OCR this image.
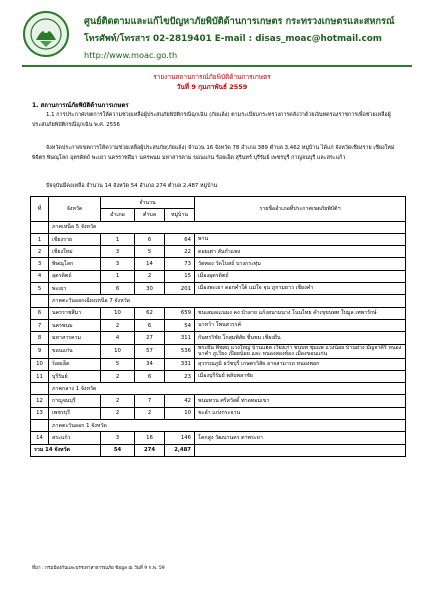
ศูนย์ติดตามและแก้ไขปัญหาภัยพิบัติด้านการเกษตร กระทรวงเกษตรและสหกรณ์
โทรศัพท์/โทรสาร 02-2819401 E-mail : disas_moac@hotmail.com
http://www.moac.go.th
รายงานสถานการณ์ภัยพิบัติด้านการเกษตร
วันที่ 9 กุมภาพันธ์ 2559
1. สถานการณ์ภัยพิบัติด้านการเกษตร
1.1 การประกาศเขตการให้ความช่วยเหลือผู้ประสบภัยพิบัติกรณีฉุกเฉิน (ภัยแล้ง) ตามระเบียบกระทรวงการคลังว่าด้วยเงินทดรองราชการเพื่อช่วยเหลือผู้ประสบภัยพิบัติกรณีฉุกเฉิน พ.ศ. 2556
จังหวัดประกาศเขตการให้ความช่วยเหลือผู้ประสบภัย(ภัยแล้ง) จำนวน 16 จังหวัด 78 อำเภอ 389 ตำบล 3,462 หมู่บ้าน ได้แก่ จังหวัดเชียงราย เชียงใหม่ พิจิตร พิษณุโลก อุตรดิตถ์ พะเยา นครราชสีมา นครพนม มหาสารคาม ขอนแก่น ร้อยเอ็ด สุรินทร์ บุรีรัมย์ เพชรบุรี กาญจนบุรี และสระแก้ว
ปัจจุบันมีคงเหลือ จำนวน 14 จังหวัด 54 อำเภอ 274 ตำบล 2,487 หมู่บ้าน
ที่	จังหวัด	จำนวน			รายชื่ออำเภอที่ประกาศเขตภัยพิบัติฯ
		อำเภอ	ตำบล	หมู่บ้าน	
	ภาคเหนือ 5 จังหวัด				
1	เชียงราย	1	6	64	พาน
2	เชียงใหม่	3	5	22	ดอยเต่า สันกำแพง
3	พิษณุโลก	3	14	73	วัดทอง วัดโบสถ์ บางกระทุ่ม
4	อุตรดิตถ์	1	2	15	เมืองอุตรดิตถ์
5	พะเยา	6	30	201	เมืองพะเยา ดอกคำใต้ แม่ใจ จุน ภูกามยาว เชียงคำ
	ภาคตะวันออกเฉียงเหนือ 7 จังหวัด				
6	นครราชสีมา	10	62	659	ชนเสมอแเนมง คง บัวลาย แก้งสนามนาง โนนไทย คำเขุขนพท ใบมูล เทพารักษ์
7	นครพนม	2	6	54	นาหว้า โพนสวรรค์
8	มหาสารคาม	4	27	311	กันทรวิชัย โกสุมพิสัย ชื่นชม เชียงยืน
9	ขอนแก่น	10	57	536	พระยืน พืชสฤ แวงใหญ่ บ้านแฮด เวียงเก่า ชนบท ชุมแพ แวงน้อย บ้านฝาง มัญจาคีรี หนองนาคำ ภูเวียง เปือยน้อย และ หนองสองห้อง เมืองขอนแก่น
10	ร้อยเอ็ด	5	34	331	สุวรรณภูมิ ธวัชบุรี เกษตรวิสัย อาจสามารถ หนองพอก
11	บุรีรัมย์	2	6	23	เมืองบุรีรัมย์ พลับพลาชัย
	ภาคกลาง 1 จังหวัด				
12	กาญจนบุรี	2	7	42	พนมทวน ศรีสวัสดิ์ ท่าอทอมเขา
13	เพชรบุรี	2	2	10	ชะอำ แก่งกระจาน
	ภาคตะวันออก 1 จังหวัด				
14	สระแก้ว	3	16	146	โคกสูง วัฒนานคร ตาพระยา
รวม 14 จังหวัด		54	274	2,487	
ที่มา : กรมป้องกันและบรรเทาสาธารณภัย ข้อมูล ณ วันที่ 9 ก.พ. 59
